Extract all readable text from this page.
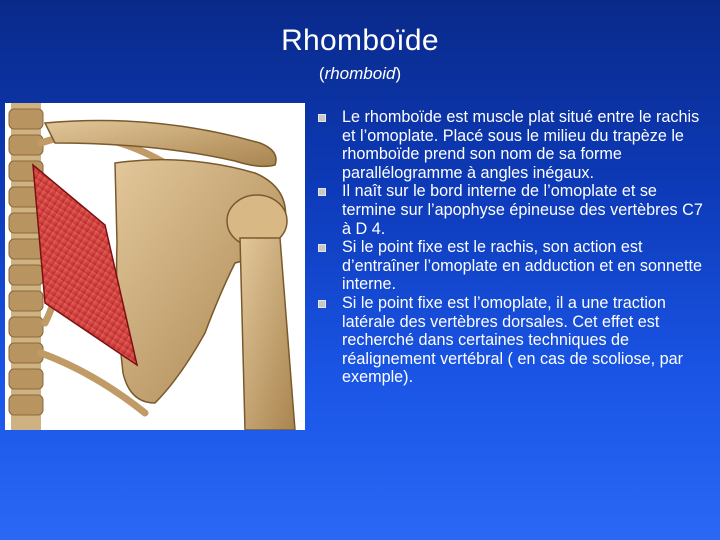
Rhomboïde
(rhomboid)
Le rhomboïde est muscle plat situé entre le rachis et l’omoplate. Placé sous le milieu du trapèze le rhomboïde prend son nom de sa forme parallélogramme à angles inégaux.
Il naît sur le bord interne de l’omoplate et se termine sur l’apophyse épineuse des vertèbres C7 à D 4.
Si le point fixe est le rachis, son action est d’entraîner l’omoplate en adduction et en sonnette interne.
Si le point fixe est l’omoplate, il a une traction latérale des vertèbres dorsales. Cet effet est recherché dans certaines techniques de réalignement vertébral ( en cas de scoliose, par exemple).
